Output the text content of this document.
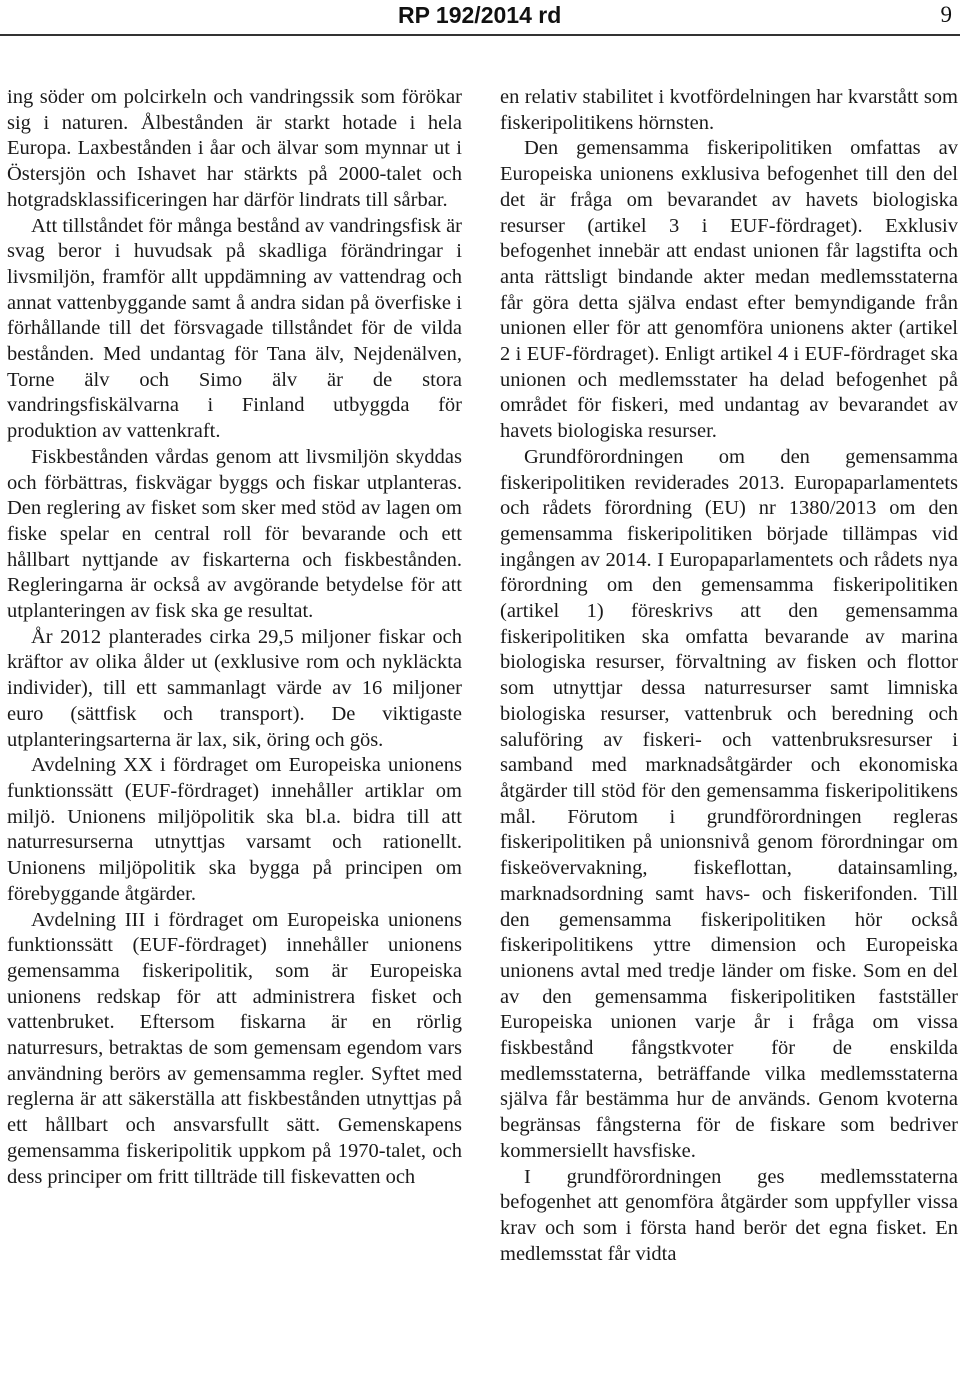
RP 192/2014 rd	9

ing söder om polcirkeln och vandringssik som förökar sig i naturen. Ålbestånden är starkt hotade i hela Europa. Laxbestånden i åar och älvar som mynnar ut i Östersjön och Ishavet har stärkts på 2000-talet och hotgradsklassificeringen har därför lindrats till sårbar.

Att tillståndet för många bestånd av vandringsfisk är svag beror i huvudsak på skadliga förändringar i livsmiljön, framför allt uppdämning av vattendrag och annat vattenbyggande samt å andra sidan på överfiske i förhållande till det försvagade tillståndet för de vilda bestånden. Med undantag för Tana älv, Nejdenälven, Torne älv och Simo älv är de stora vandringsfiskälvarna i Finland utbyggda för produktion av vattenkraft.

Fiskbestånden vårdas genom att livsmiljön skyddas och förbättras, fiskvägar byggs och fiskar utplanteras. Den reglering av fisket som sker med stöd av lagen om fiske spelar en central roll för bevarande och ett hållbart nyttjande av fiskarterna och fiskbestånden. Regleringarna är också av avgörande betydelse för att utplanteringen av fisk ska ge resultat.

År 2012 planterades cirka 29,5 miljoner fiskar och kräftor av olika ålder ut (exklusive rom och nykläckta individer), till ett sammanlagt värde av 16 miljoner euro (sättfisk och transport). De viktigaste utplanteringsarterna är lax, sik, öring och gös.

Avdelning XX i fördraget om Europeiska unionens funktionssätt (EUF-fördraget) innehåller artiklar om miljö. Unionens miljöpolitik ska bl.a. bidra till att naturresurserna utnyttjas varsamt och rationellt. Unionens miljöpolitik ska bygga på principen om förebyggande åtgärder.

Avdelning III i fördraget om Europeiska unionens funktionssätt (EUF-fördraget) innehåller unionens gemensamma fiskeripolitik, som är Europeiska unionens redskap för att administrera fisket och vattenbruket. Eftersom fiskarna är en rörlig naturresurs, betraktas de som gemensam egendom vars användning berörs av gemensamma regler. Syftet med reglerna är att säkerställa att fiskbestånden utnyttjas på ett hållbart och ansvarsfullt sätt. Gemenskapens gemensamma fiskeripolitik uppkom på 1970-talet, och dess principer om fritt tillträde till fiskevatten och

en relativ stabilitet i kvotfördelningen har kvarstått som fiskeripolitikens hörnsten.

Den gemensamma fiskeripolitiken omfattas av Europeiska unionens exklusiva befogenhet till den del det är fråga om bevarandet av havets biologiska resurser (artikel 3 i EUF-fördraget). Exklusiv befogenhet innebär att endast unionen får lagstifta och anta rättsligt bindande akter medan medlemsstaterna får göra detta själva endast efter bemyndigande från unionen eller för att genomföra unionens akter (artikel 2 i EUF-fördraget). Enligt artikel 4 i EUF-fördraget ska unionen och medlemsstater ha delad befogenhet på området för fiskeri, med undantag av bevarandet av havets biologiska resurser.

Grundförordningen om den gemensamma fiskeripolitiken reviderades 2013. Europaparlamentets och rådets förordning (EU) nr 1380/2013 om den gemensamma fiskeripolitiken började tillämpas vid ingången av 2014. I Europaparlamentets och rådets nya förordning om den gemensamma fiskeripolitiken (artikel 1) föreskrivs att den gemensamma fiskeripolitiken ska omfatta bevarande av marina biologiska resurser, förvaltning av fisken och flottor som utnyttjar dessa naturresurser samt limniska biologiska resurser, vattenbruk och beredning och saluföring av fiskeri- och vattenbruksresurser i samband med marknadsåtgärder och ekonomiska åtgärder till stöd för den gemensamma fiskeripolitikens mål. Förutom i grundförordningen regleras fiskeripolitiken på unionsnivå genom förordningar om fiskeövervakning, fiskeflottan, datainsamling, marknadsordning samt havs- och fiskerifonden. Till den gemensamma fiskeripolitiken hör också fiskeripolitikens yttre dimension och Europeiska unionens avtal med tredje länder om fiske. Som en del av den gemensamma fiskeripolitiken fastställer Europeiska unionen varje år i fråga om vissa fiskbestånd fångstkvoter för de enskilda medlemsstaterna, beträffande vilka medlemsstaterna själva får bestämma hur de används. Genom kvoterna begränsas fångsterna för de fiskare som bedriver kommersiellt havsfiske.

I grundförordningen ges medlemsstaterna befogenhet att genomföra åtgärder som uppfyller vissa krav och som i första hand berör det egna fisket. En medlemsstat får vidta
